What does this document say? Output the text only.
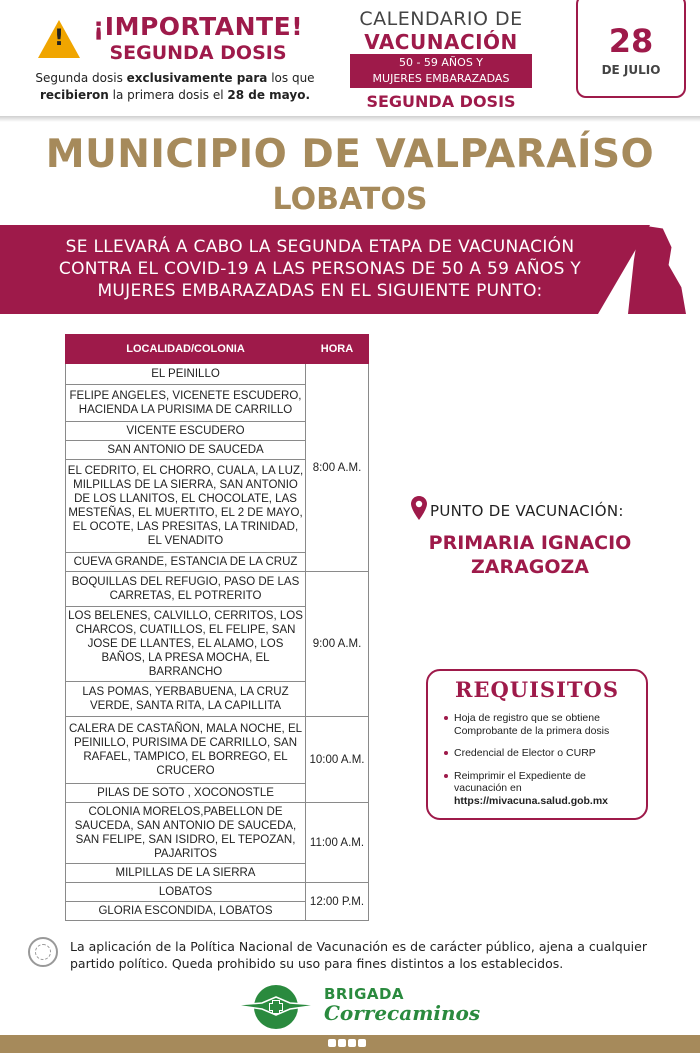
!	¡IMPORTANTE!
SEGUNDA DOSIS
Segunda dosis exclusivamente para los que
recibieron la primera dosis el 28 de mayo.
CALENDARIO DE
VACUNACIÓN
50 - 59 AÑOS Y
MUJERES EMBARAZADAS
SEGUNDA DOSIS
28
DE JULIO
MUNICIPIO DE VALPARAÍSO
LOBATOS
SE LLEVARÁ A CABO LA SEGUNDA ETAPA DE VACUNACIÓN
CONTRA EL COVID-19 A LAS PERSONAS DE 50 A 59 AÑOS Y
MUJERES EMBARAZADAS EN EL SIGUIENTE PUNTO:
LOCALIDAD/COLONIA	HORA
EL PEINILLO	8:00 A.M.
FELIPE ANGELES, VICENETE ESCUDERO, HACIENDA LA PURISIMA DE CARRILLO	
VICENTE ESCUDERO	
SAN ANTONIO DE SAUCEDA	
EL CEDRITO, EL CHORRO, CUALA, LA LUZ, MILPILLAS DE LA SIERRA, SAN ANTONIO DE LOS LLANITOS, EL CHOCOLATE, LAS MESTEÑAS, EL MUERTITO, EL 2 DE MAYO, EL OCOTE, LAS PRESITAS, LA TRINIDAD, EL VENADITO	
CUEVA GRANDE, ESTANCIA DE LA CRUZ	
BOQUILLAS DEL REFUGIO, PASO DE LAS CARRETAS, EL POTRERITO	9:00 A.M.
LOS BELENES, CALVILLO, CERRITOS, LOS CHARCOS, CUATILLOS, EL FELIPE, SAN JOSE DE LLANTES, EL ALAMO, LOS BAÑOS, LA PRESA MOCHA, EL BARRANCHO	
LAS POMAS, YERBABUENA, LA CRUZ VERDE, SANTA RITA, LA CAPILLITA	
CALERA DE CASTAÑON, MALA NOCHE, EL PEINILLO, PURISIMA DE CARRILLO, SAN RAFAEL, TAMPICO, EL BORREGO, EL CRUCERO	10:00 A.M.
PILAS DE SOTO , XOCONOSTLE	
COLONIA MORELOS,PABELLON DE SAUCEDA, SAN ANTONIO DE SAUCEDA, SAN FELIPE, SAN ISIDRO, EL TEPOZAN, PAJARITOS	11:00 A.M.
MILPILLAS DE LA SIERRA	
LOBATOS	12:00 P.M.
GLORIA ESCONDIDA, LOBATOS	
PUNTO DE VACUNACIÓN:
PRIMARIA IGNACIO
ZARAGOZA
REQUISITOS
Hoja de registro que se obtiene Comprobante de la primera dosis
Credencial de Elector o CURP
Reimprimir el Expediente de vacunación en
https://mivacuna.salud.gob.mx
La aplicación de la Política Nacional de Vacunación es de carácter público, ajena a cualquier partido político. Queda prohibido su uso para fines distintos a los establecidos.
BRIGADA
Correcaminos
